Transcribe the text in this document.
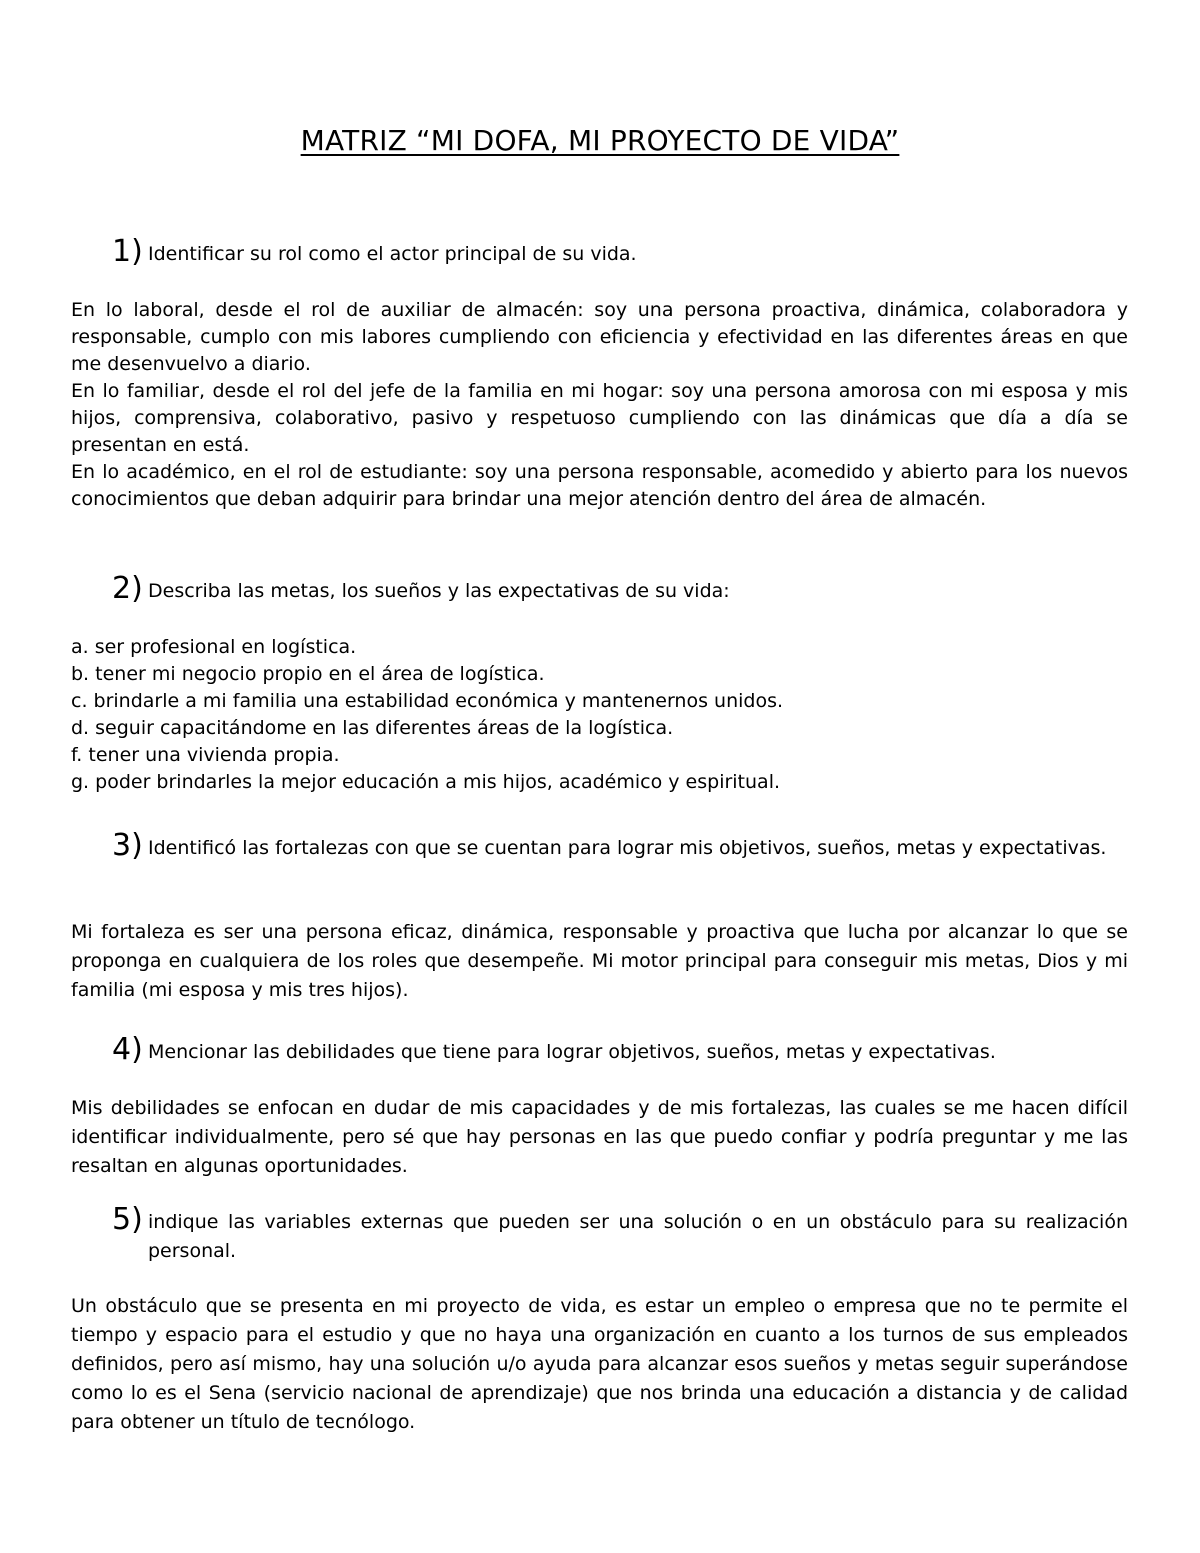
MATRIZ “MI DOFA, MI PROYECTO DE VIDA”
1) Identificar su rol como el actor principal de su vida.

En lo laboral, desde el rol de auxiliar de almacén: soy una persona proactiva, dinámica, colaboradora y responsable, cumplo con mis labores cumpliendo con eficiencia y efectividad en las diferentes áreas en que me desenvuelvo a diario.

En lo familiar, desde el rol del jefe de la familia en mi hogar: soy una persona amorosa con mi esposa y mis hijos, comprensiva, colaborativo, pasivo y respetuoso cumpliendo con las dinámicas que día a día se presentan en está.

En lo académico, en el rol de estudiante: soy una persona responsable, acomedido y abierto para los nuevos conocimientos que deban adquirir para brindar una mejor atención dentro del área de almacén.

2) Describa las metas, los sueños y las expectativas de su vida:
a. ser profesional en logística.
b. tener mi negocio propio en el área de logística.
c. brindarle a mi familia una estabilidad económica y mantenernos unidos.
d. seguir capacitándome en las diferentes áreas de la logística.
f. tener una vivienda propia.
g. poder brindarles la mejor educación a mis hijos, académico y espiritual.
3) Identificó las fortalezas con que se cuentan para lograr mis objetivos, sueños, metas y expectativas.

Mi fortaleza es ser una persona eficaz, dinámica, responsable y proactiva que lucha por alcanzar lo que se proponga en cualquiera de los roles que desempeñe. Mi motor principal para conseguir mis metas, Dios y mi familia (mi esposa y mis tres hijos).

4) Mencionar las debilidades que tiene para lograr objetivos, sueños, metas y expectativas.

Mis debilidades se enfocan en dudar de mis capacidades y de mis fortalezas, las cuales se me hacen difícil identificar individualmente, pero sé que hay personas en las que puedo confiar y podría preguntar y me las resaltan en algunas oportunidades.

5) indique las variables externas que pueden ser una solución o en un obstáculo para su realización personal.

Un obstáculo que se presenta en mi proyecto de vida, es estar un empleo o empresa que no te permite el tiempo y espacio para el estudio y que no haya una organización en cuanto a los turnos de sus empleados definidos, pero así mismo, hay una solución u/o ayuda para alcanzar esos sueños y metas seguir superándose como lo es el Sena (servicio nacional de aprendizaje) que nos brinda una educación a distancia y de calidad para obtener un título de tecnólogo.
